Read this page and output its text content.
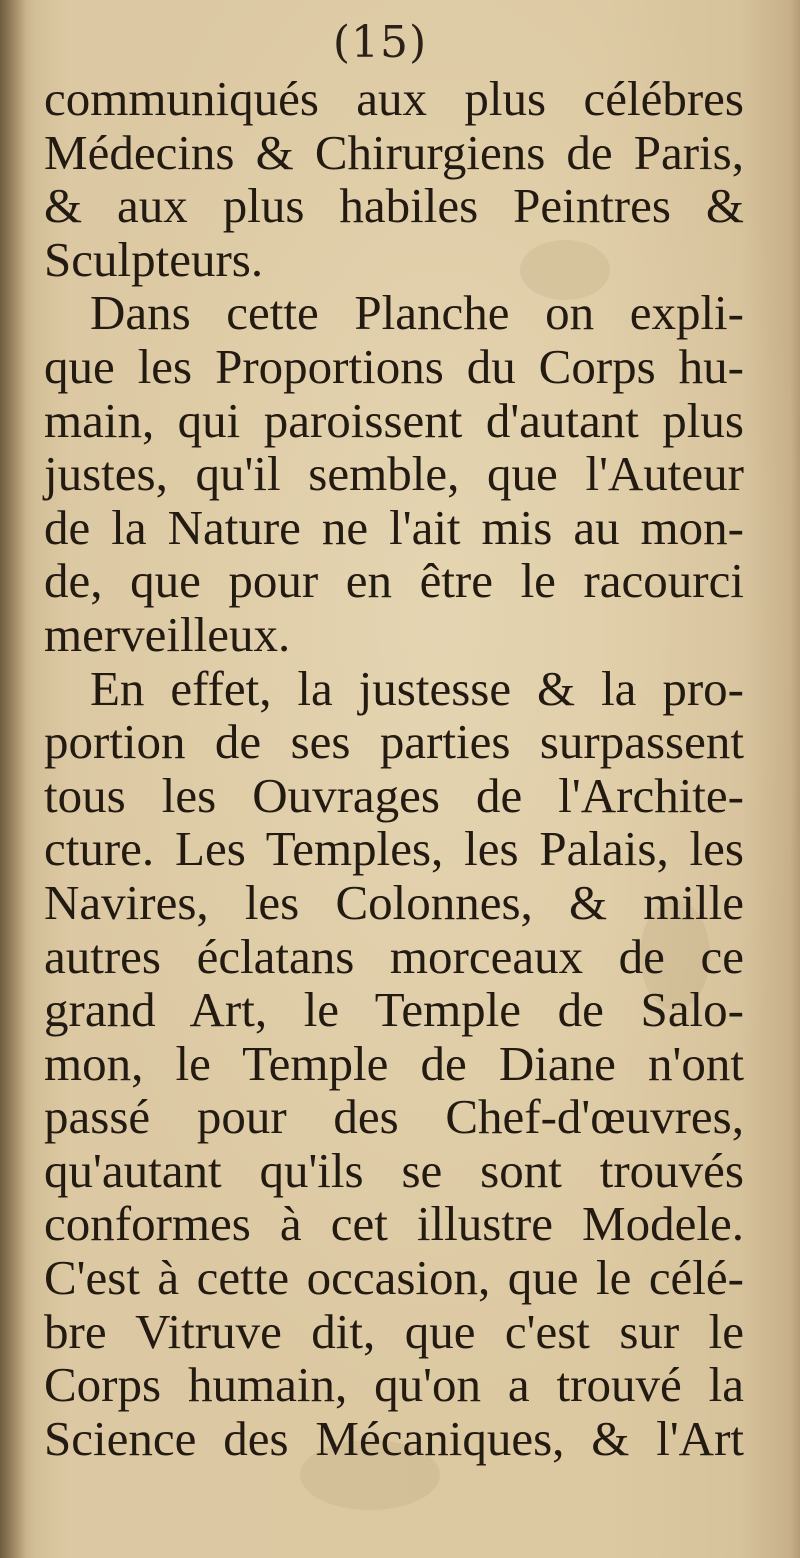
(15)
communiqués aux plus célébres
Médecins & Chirurgiens de Paris,
& aux plus habiles Peintres &
Sculpteurs.
Dans cette Planche on expli-
que les Proportions du Corps hu-
main, qui paroissent d'autant plus
justes, qu'il semble, que l'Auteur
de la Nature ne l'ait mis au mon-
de, que pour en être le racourci
merveilleux.
En effet, la justesse & la pro-
portion de ses parties surpassent
tous les Ouvrages de l'Archite-
cture. Les Temples, les Palais, les
Navires, les Colonnes, & mille
autres éclatans morceaux de ce
grand Art, le Temple de Salo-
mon, le Temple de Diane n'ont
passé pour des Chef-d'œuvres,
qu'autant qu'ils se sont trouvés
conformes à cet illustre Modele.
C'est à cette occasion, que le célé-
bre Vitruve dit, que c'est sur le
Corps humain, qu'on a trouvé la
Science des Mécaniques, & l'Art
